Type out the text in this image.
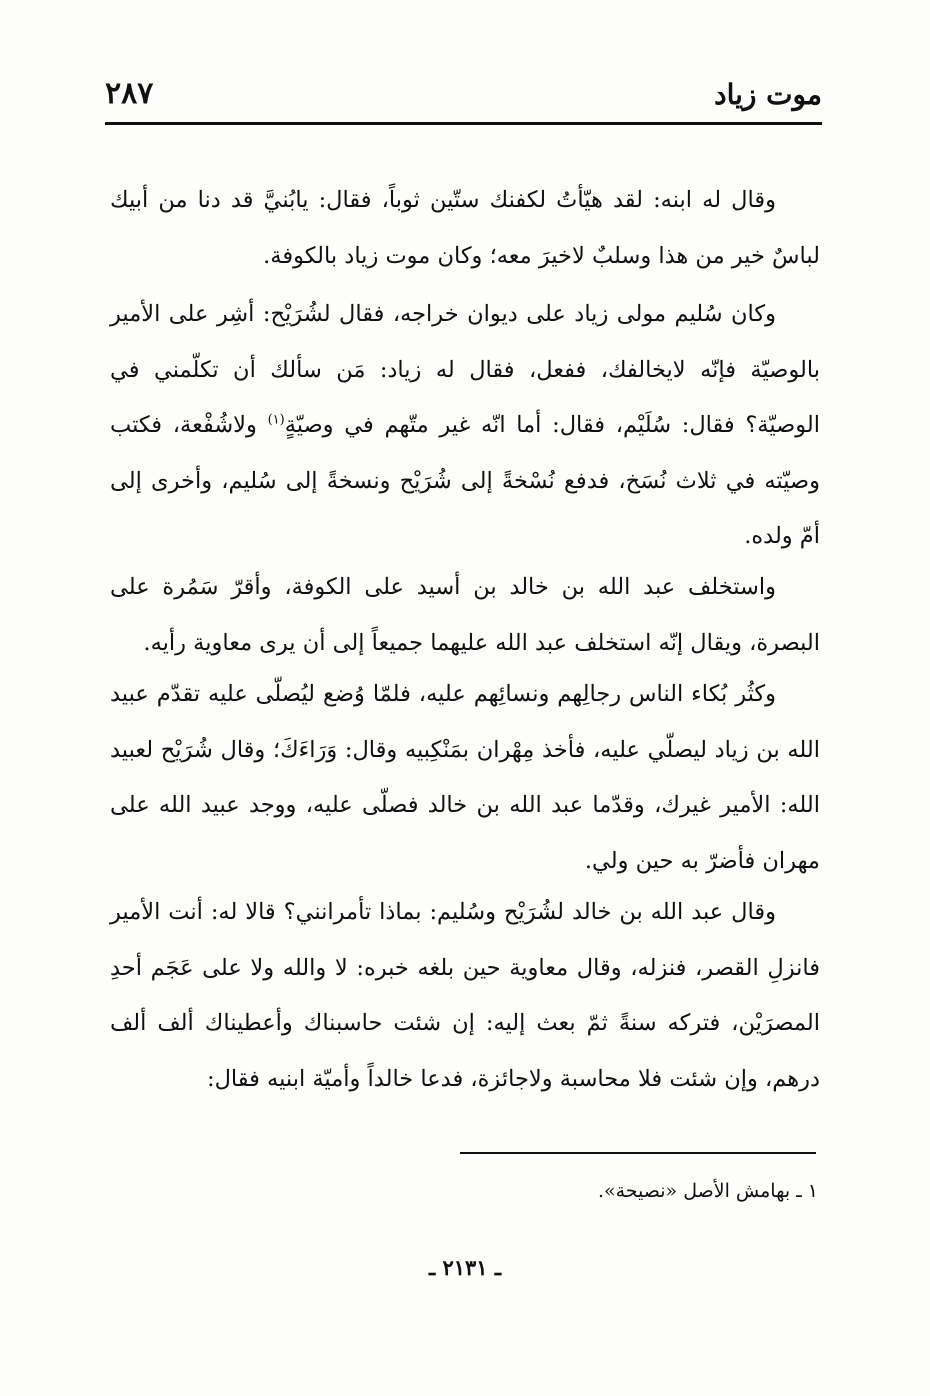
موت زياد
٢٨٧

وقال له ابنه: لقد هيّأتُ لكفنك ستّين ثوباً، فقال: يابُنيَّ قد دنا من أبيك لباسٌ خير من هذا وسلبٌ لاخيرَ معه؛ وكان موت زياد بالكوفة.

وكان سُليم مولى زياد على ديوان خراجه، فقال لشُرَيْح: أشِر على الأمير بالوصيّة فإنّه لايخالفك، ففعل، فقال له زياد: مَن سألك أن تكلّمني في الوصيّة؟ فقال: سُلَيْم، فقال: أما انّه غير متّهم في وصيّةٍ$^{(١)}$ ولاشُفْعة، فكتب وصيّته في ثلاث نُسَخ، فدفع نُسْخةً إلى شُرَيْح ونسخةً إلى سُليم، وأخرى إلى أمّ ولده.

واستخلف عبد الله بن خالد بن أسيد على الكوفة، وأقرّ سَمُرة على البصرة، ويقال إنّه استخلف عبد الله عليهما جميعاً إلى أن يرى معاوية رأيه.

وكثُر بُكاء الناس رجالِهم ونسائِهم عليه، فلمّا وُضع ليُصلّى عليه تقدّم عبيد الله بن زياد ليصلّي عليه، فأخذ مِهْران بمَنْكِبيه وقال: وَرَاءَكَ؛ وقال شُرَيْح لعبيد الله: الأمير غيرك، وقدّما عبد الله بن خالد فصلّى عليه، ووجد عبيد الله على مهران فأضرّ به حين ولي.

وقال عبد الله بن خالد لشُرَيْح وسُليم: بماذا تأمرانني؟ قالا له: أنت الأمير فانزلِ القصر، فنزله، وقال معاوية حين بلغه خبره: لا والله ولا على عَجَم أحدِ المصرَيْن، فتركه سنةً ثمّ بعث إليه: إن شئت حاسبناك وأعطيناك ألف ألف درهم، وإن شئت فلا محاسبة ولاجائزة، فدعا خالداً وأميّة ابنيه فقال:

١ ـ بهامش الأصل «نصيحة».
ـ ٢١٣١ ـ
